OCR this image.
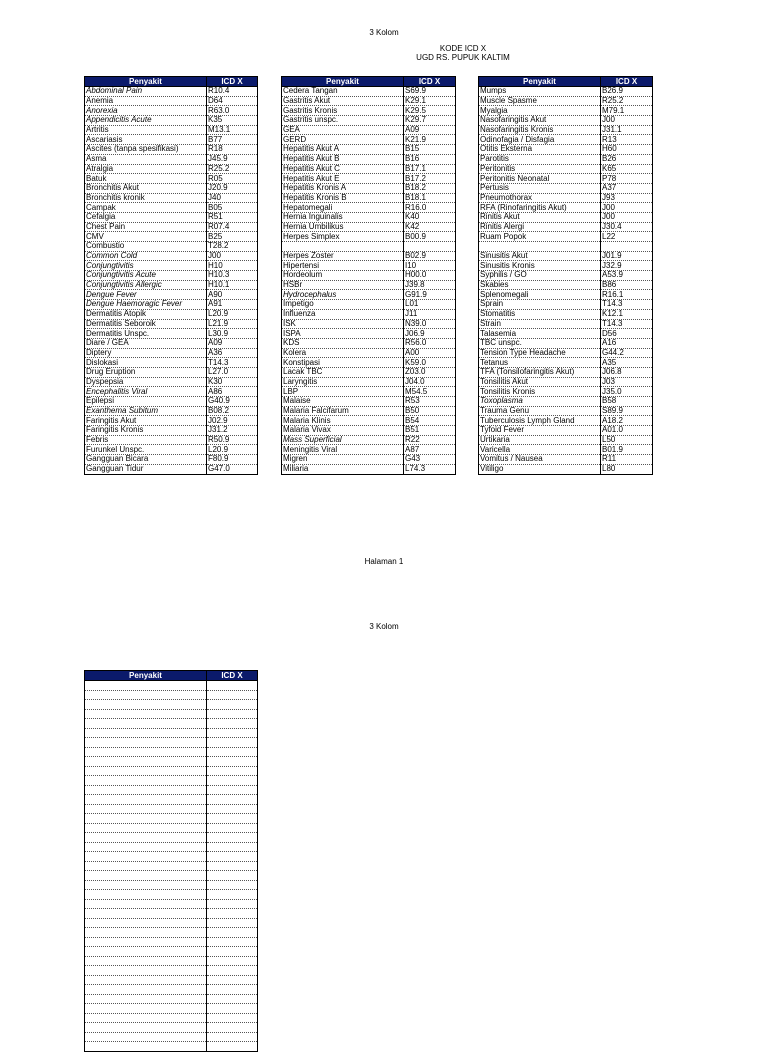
3 Kolom
KODE ICD X
UGD RS. PUPUK KALTIM
Penyakit	ICD X
Abdominal Pain	R10.4
Anemia	D64
Anorexia	R63.0
Appendicitis Acute	K35
Artritis	M13.1
Ascariasis	B77
Ascites (tanpa spesifikasi)	R18
Asma	J45.9
Atralgia	R25.2
Batuk	R05
Bronchitis Akut	J20.9
Bronchitis kronik	J40
Campak	B05
Cefalgia	R51
Chest Pain	R07.4
CMV	B25
Combustio	T28.2
Common Cold	J00
Conjungtivitis	H10
Conjungtivitis Acute	H10.3
Conjungtivitis Allergic	H10.1
Dengue Fever	A90
Dengue Haemoragic Fever	A91
Dermatitis Atopik	L20.9
Dermatitis Seboroik	L21.9
Dermatitis Unspc.	L30.9
Diare / GEA	A09
Diptery	A36
Dislokasi	T14.3
Drug Eruption	L27.0
Dyspepsia	K30
Encephalitis Viral	A86
Epilepsi	G40.9
Exanthema Subitum	B08.2
Faringitis Akut	J02.9
Faringitis Kronis	J31.2
Febris	R50.9
Furunkel Unspc.	L20.9
Gangguan Bicara	F80.9
Gangguan Tidur	G47.0
Penyakit	ICD X
Cedera Tangan	S69.9
Gastritis Akut	K29.1
Gastritis Kronis	K29.5
Gastritis unspc.	K29.7
GEA	A09
GERD	K21.9
Hepatitis Akut A	B15
Hepatitis Akut B	B16
Hepatitis Akut C	B17.1
Hepatitis Akut E	B17.2
Hepatitis Kronis A	B18.2
Hepatitis Kronis B	B18.1
Hepatomegali	R16.0
Hernia Inguinalis	K40
Hernia Umbilikus	K42
Herpes Simplex	B00.9

Herpes Zoster	B02.9
Hipertensi	I10
Hordeolum	H00.0
HSBr	J39.8
Hydrocephalus	G91.9
Impetigo	L01
Influenza	J11
ISK	N39.0
ISPA	J06.9
KDS	R56.0
Kolera	A00
Konstipasi	K59.0
Lacak TBC	Z03.0
Laryngitis	J04.0
LBP	M54.5
Malaise	R53
Malaria Falcifarum	B50
Malaria Klinis	B54
Malaria Vivax	B51
Mass Superficial	R22
Meningitis Viral	A87
Migren	G43
Miliaria	L74.3
Penyakit	ICD X
Mumps	B26.9
Muscle Spasme	R25.2
Myalgia	M79.1
Nasofaringitis Akut	J00
Nasofaringitis Kronis	J31.1
Odinofagia / Disfagia	R13
Otitis Eksterna	H60
Parotitis	B26
Peritonitis	K65
Peritonitis Neonatal	P78
Pertusis	A37
Pneumothorax	J93
RFA (Rinofaringitis Akut)	J00
Rinitis Akut	J00
Rinitis Alergi	J30.4
Ruam Popok	L22

Sinusitis Akut	J01.9
Sinusitis Kronis	J32.9
Syphilis / GO	A53.9
Skabies	B86
Splenomegali	R16.1
Sprain	T14.3
Stomatitis	K12.1
Strain	T14.3
Talasemia	D56
TBC unspc.	A16
Tension Type Headache	G44.2
Tetanus	A35
TFA (Tonsilofaringitis Akut)	J06.8
Tonsilitis Akut	J03
Tonsilitis Kronis	J35.0
Toxoplasma	B58
Trauma Genu	S89.9
Tuberculosis Lymph Gland	A18.2
Tyfoid Fever	A01.0
Urtikaria	L50
Varicella	B01.9
Vomitus / Nausea	R11
Vitiligo	L80
Halaman 1
3 Kolom
Penyakit	ICD X
